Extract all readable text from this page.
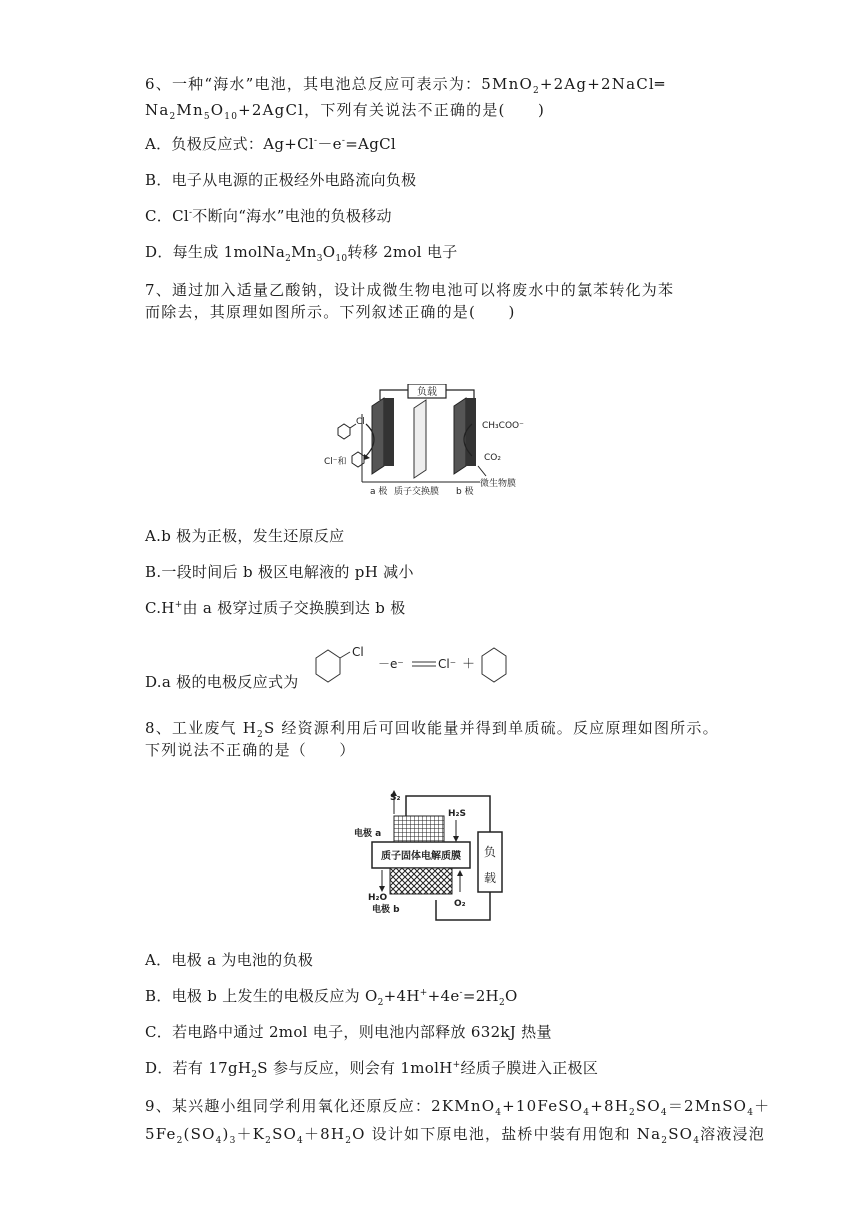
6、一种“海水”电池，其电池总反应可表示为：5MnO$_2$+2Ag+2NaCl═
$Na_2Mn_5O_{10}+2AgCl$，下列有关说法不正确的是(　　)
A．负极反应式：Ag+Cl-－e-=AgCl
B．电子从电源的正极经外电路流向负极
C．Cl-不断向“海水”电池的负极移动
D．每生成 $1molNa_2Mn_3O_{10}$转移 2mol 电子
7、通过加入适量乙酸钠，设计成微生物电池可以将废水中的氯苯转化为苯
而除去，其原理如图所示。下列叙述正确的是(　　)
负载
Cl
Cl⁻和
CH₃COO⁻
CO₂
a 极 质子交换膜 b 极
微生物膜
A.b 极为正极，发生还原反应
B.一段时间后 b 极区电解液的 pH 减小
C.H+由 a 极穿过质子交换膜到达 b 极
D.a 极的电极反应式为
Cl
－e⁻	Cl⁻ ＋
8、工业废气 $H_2S$ 经资源利用后可回收能量并得到单质硫。反应原理如图所示。
下列说法不正确的是（　　）
负
载
质子固体电解质膜
S₂
H₂S
电极 a
H₂O
电极 b
O₂
A．电极 a 为电池的负极
B．电极 b 上发生的电极反应为 $O_2+4H^++4e^-=2H_2O$
C．若电路中通过 2mol 电子，则电池内部释放 632kJ 热量
D．若有 $17gH_2S$ 参与反应，则会有 1molH+经质子膜进入正极区
9、某兴趣小组同学利用氧化还原反应：$2KMnO_4+10FeSO_4+8H_2SO_4=2MnSO_4+$
$5Fe_2(SO_4)_3+K_2SO_4+8H_2O$ 设计如下原电池，盐桥中装有用饱和 $Na_2SO_4$溶液浸泡
